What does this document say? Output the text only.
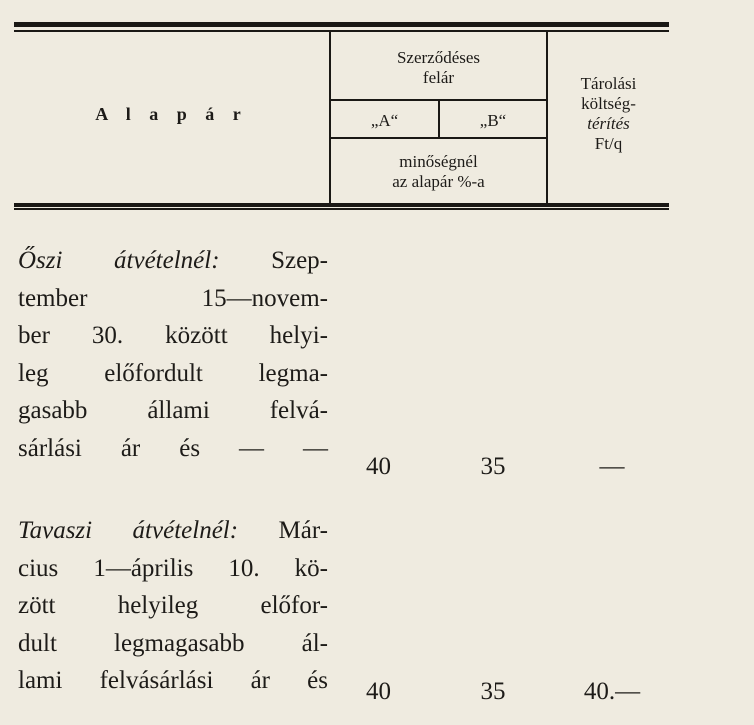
A l a p á r
Szerződéses felár
„A“	„B“
minőségnél
az alapár %-a
Tárolási
költség-
térítés
Ft/q
Őszi átvételnél: Szep-
tember 15—novem-
ber 30. között helyi-
leg előfordult legma-
gasabb állami felvá-
sárlási ár és — —
40	35	—
Tavaszi átvételnél: Már-
cius 1—április 10. kö-
zött helyileg előfor-
dult legmagasabb ál-
lami felvásárlási ár és	40	35	40.—
